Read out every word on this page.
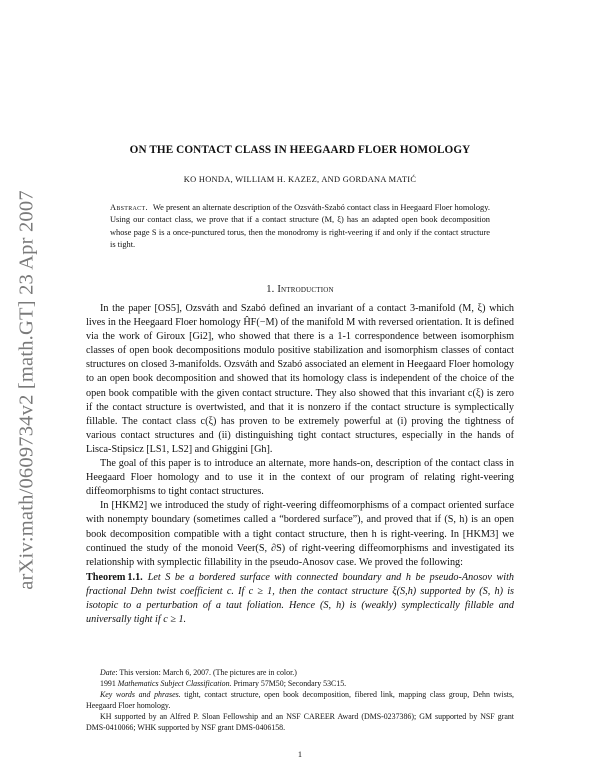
arXiv:math/0609734v2 [math.GT] 23 Apr 2007
ON THE CONTACT CLASS IN HEEGAARD FLOER HOMOLOGY
KO HONDA, WILLIAM H. KAZEZ, AND GORDANA MATIĆ
Abstract. We present an alternate description of the Ozsváth-Szabó contact class in Heegaard Floer homology. Using our contact class, we prove that if a contact structure (M, ξ) has an adapted open book decomposition whose page S is a once-punctured torus, then the monodromy is right-veering if and only if the contact structure is tight.
1. Introduction

In the paper [OS5], Ozsváth and Szabó defined an invariant of a contact 3-manifold (M, ξ) which lives in the Heegaard Floer homology ĤF(−M) of the manifold M with reversed orientation. It is defined via the work of Giroux [Gi2], who showed that there is a 1-1 correspondence between isomorphism classes of open book decompositions modulo positive stabilization and isomorphism classes of contact structures on closed 3-manifolds. Ozsváth and Szabó associated an element in Heegaard Floer homology to an open book decomposition and showed that its homology class is independent of the choice of the open book compatible with the given contact structure. They also showed that this invariant c(ξ) is zero if the contact structure is overtwisted, and that it is nonzero if the contact structure is symplectically fillable. The contact class c(ξ) has proven to be extremely powerful at (i) proving the tightness of various contact structures and (ii) distinguishing tight contact structures, especially in the hands of Lisca-Stipsicz [LS1, LS2] and Ghiggini [Gh].

The goal of this paper is to introduce an alternate, more hands-on, description of the contact class in Heegaard Floer homology and to use it in the context of our program of relating right-veering diffeomorphisms to tight contact structures.

In [HKM2] we introduced the study of right-veering diffeomorphisms of a compact oriented surface with nonempty boundary (sometimes called a “bordered surface”), and proved that if (S, h) is an open book decomposition compatible with a tight contact structure, then h is right-veering. In [HKM3] we continued the study of the monoid Veer(S, ∂S) of right-veering diffeomorphisms and investigated its relationship with symplectic fillability in the pseudo-Anosov case. We proved the following:

Theorem 1.1. Let S be a bordered surface with connected boundary and h be pseudo-Anosov with fractional Dehn twist coefficient c. If c ≥ 1, then the contact structure ξ(S,h) supported by (S, h) is isotopic to a perturbation of a taut foliation. Hence (S, h) is (weakly) symplectically fillable and universally tight if c ≥ 1.

Date: This version: March 6, 2007. (The pictures are in color.)

1991 Mathematics Subject Classification. Primary 57M50; Secondary 53C15.

Key words and phrases. tight, contact structure, open book decomposition, fibered link, mapping class group, Dehn twists, Heegaard Floer homology.

KH supported by an Alfred P. Sloan Fellowship and an NSF CAREER Award (DMS-0237386); GM supported by NSF grant DMS-0410066; WHK supported by NSF grant DMS-0406158.

1
